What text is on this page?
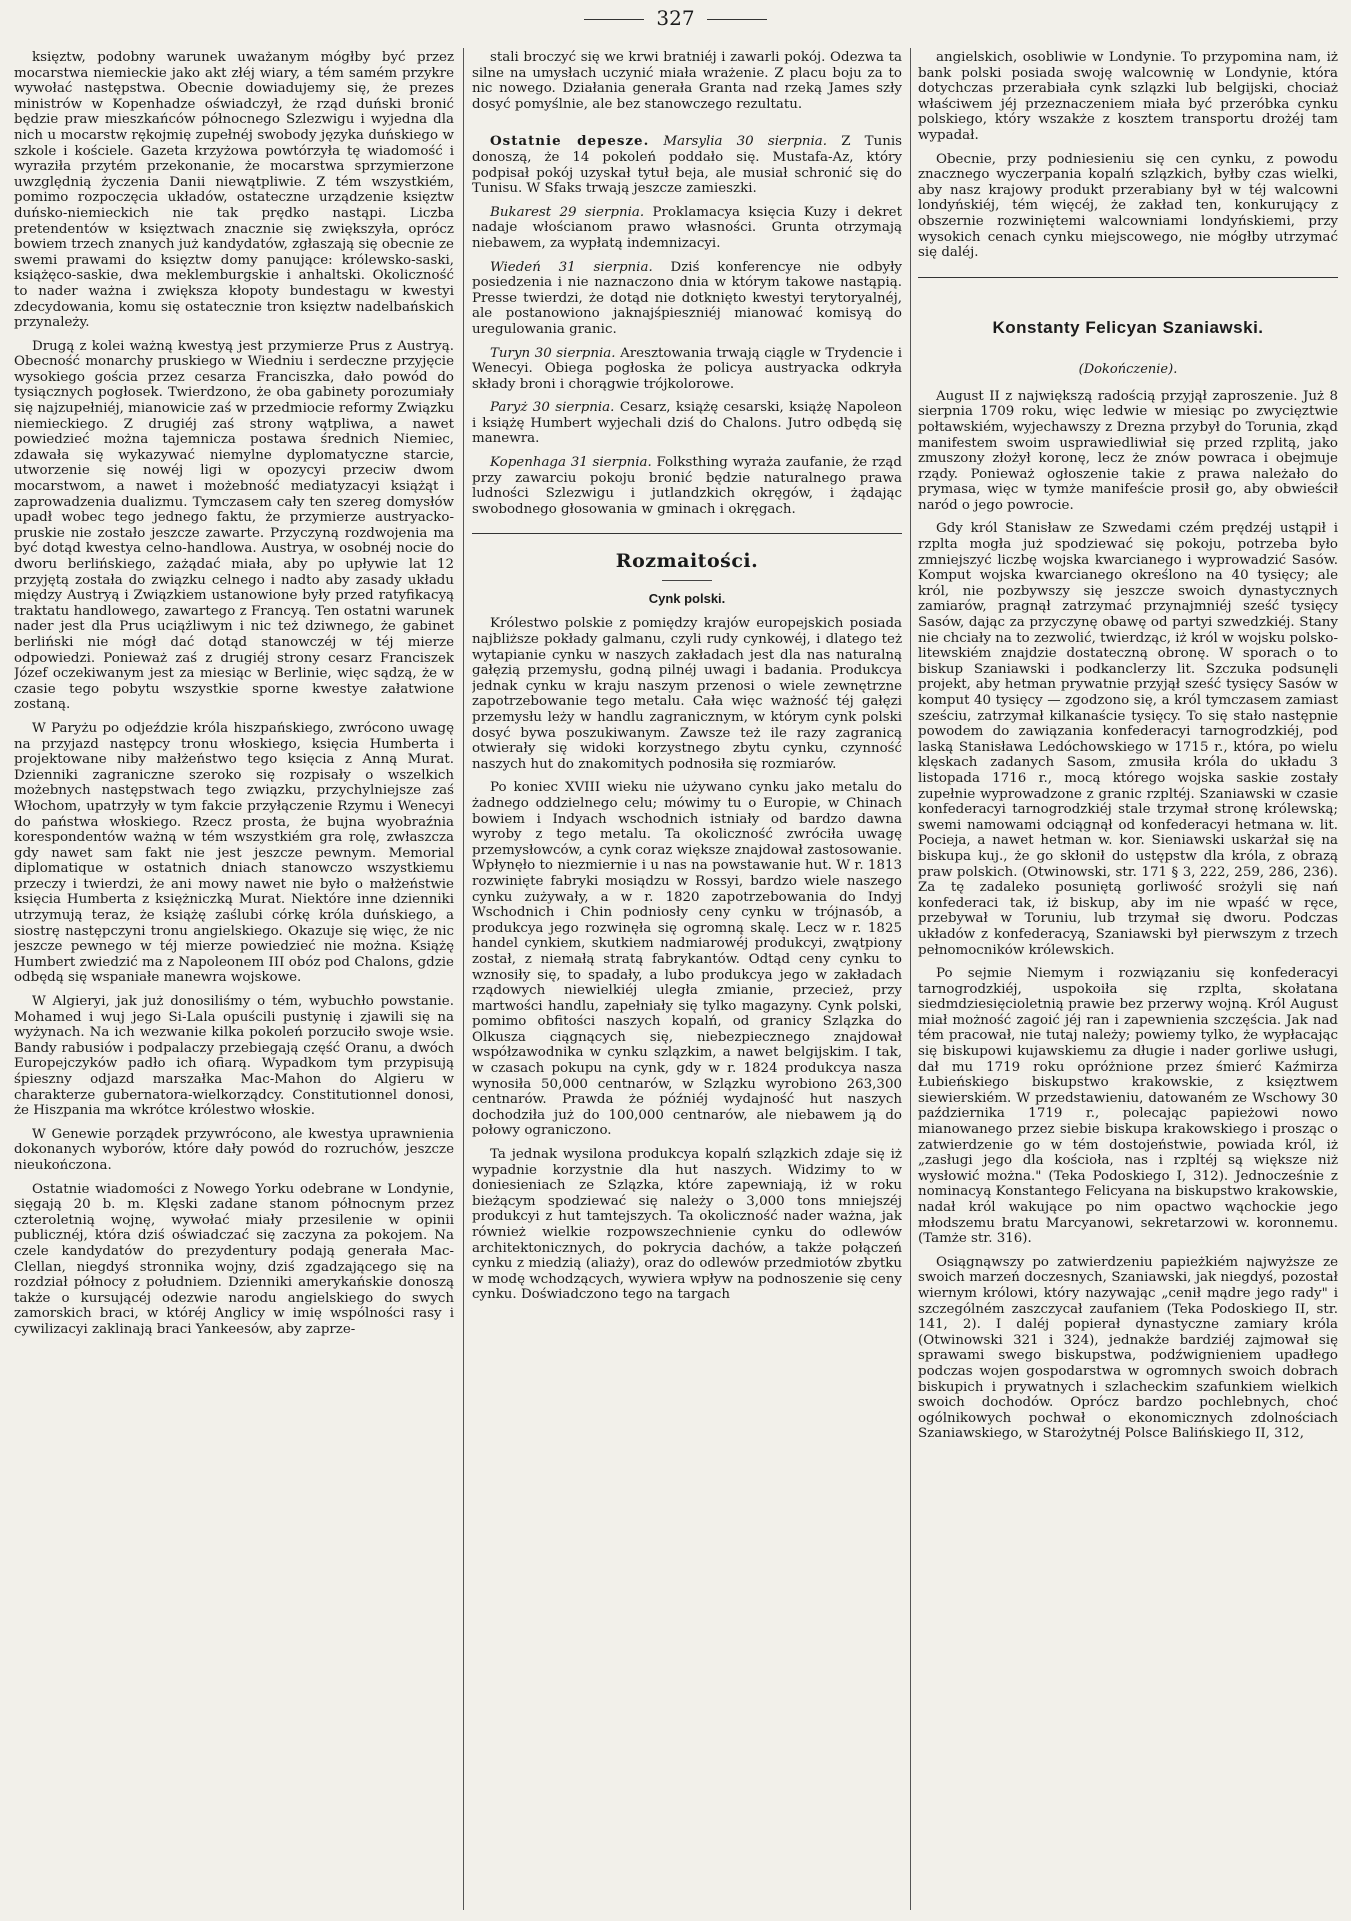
327

księztw, podobny warunek uważanym mógłby być przez mocarstwa niemieckie jako akt złéj wiary, a tém samém przykre wywołać następstwa. Obecnie dowiadujemy się, że prezes ministrów w Kopenhadze oświadczył, że rząd duński bronić będzie praw mieszkańców północnego Szlezwigu i wyjedna dla nich u mocarstw rękojmię zupełnéj swobody języka duńskiego w szkole i kościele. Gazeta krzyżowa powtórzyła tę wiadomość i wyraziła przytém przekonanie, że mocarstwa sprzymierzone uwzględnią życzenia Danii niewątpliwie. Z tém wszystkiém, pomimo rozpoczęcia układów, ostateczne urządzenie księztw duńsko-niemieckich nie tak prędko nastąpi. Liczba pretendentów w księztwach znacznie się zwiększyła, oprócz bowiem trzech znanych już kandydatów, zgłaszają się obecnie ze swemi prawami do księztw domy panujące: królewsko-saski, książęco-saskie, dwa meklemburgskie i anhaltski. Okoliczność to nader ważna i zwiększa kłopoty bundestagu w kwestyi zdecydowania, komu się ostatecznie tron księztw nadelbańskich przynależy.

Drugą z kolei ważną kwestyą jest przymierze Prus z Austryą. Obecność monarchy pruskiego w Wiedniu i serdeczne przyjęcie wysokiego gościa przez cesarza Franciszka, dało powód do tysiącznych pogłosek. Twierdzono, że oba gabinety porozumiały się najzupełniéj, mianowicie zaś w przedmiocie reformy Związku niemieckiego. Z drugiéj zaś strony wątpliwa, a nawet powiedzieć można tajemnicza postawa średnich Niemiec, zdawała się wykazywać niemylne dyplomatyczne starcie, utworzenie się nowéj ligi w opozycyi przeciw dwom mocarstwom, a nawet i możebność mediatyzacyi książąt i zaprowadzenia dualizmu. Tymczasem cały ten szereg domysłów upadł wobec tego jednego faktu, że przymierze austryacko-pruskie nie zostało jeszcze zawarte. Przyczyną rozdwojenia ma być dotąd kwestya celno-handlowa. Austrya, w osobnéj nocie do dworu berlińskiego, zażądać miała, aby po upływie lat 12 przyjętą została do związku celnego i nadto aby zasady układu między Austryą i Związkiem ustanowione były przed ratyfikacyą traktatu handlowego, zawartego z Francyą. Ten ostatni warunek nader jest dla Prus uciążliwym i nic też dziwnego, że gabinet berliński nie mógł dać dotąd stanowczéj w téj mierze odpowiedzi. Ponieważ zaś z drugiéj strony cesarz Franciszek Józef oczekiwanym jest za miesiąc w Berlinie, więc sądzą, że w czasie tego pobytu wszystkie sporne kwestye załatwione zostaną.

W Paryżu po odjeździe króla hiszpańskiego, zwrócono uwagę na przyjazd następcy tronu włoskiego, księcia Humberta i projektowane niby małżeństwo tego księcia z Anną Murat. Dzienniki zagraniczne szeroko się rozpisały o wszelkich możebnych następstwach tego związku, przychylniejsze zaś Włochom, upatrzyły w tym fakcie przyłączenie Rzymu i Wenecyi do państwa włoskiego. Rzecz prosta, że bujna wyobraźnia korespondentów ważną w tém wszystkiém gra rolę, zwłaszcza gdy nawet sam fakt nie jest jeszcze pewnym. Memorial diplomatique w ostatnich dniach stanowczo wszystkiemu przeczy i twierdzi, że ani mowy nawet nie było o małżeństwie księcia Humberta z księżniczką Murat. Niektóre inne dzienniki utrzymują teraz, że książę zaślubi córkę króla duńskiego, a siostrę następczyni tronu angielskiego. Okazuje się więc, że nic jeszcze pewnego w téj mierze powiedzieć nie można. Książę Humbert zwiedzić ma z Napoleonem III obóz pod Chalons, gdzie odbędą się wspaniałe manewra wojskowe.

W Algieryi, jak już donosiliśmy o tém, wybuchło powstanie. Mohamed i wuj jego Si-Lala opuścili pustynię i zjawili się na wyżynach. Na ich wezwanie kilka pokoleń porzuciło swoje wsie. Bandy rabusiów i podpalaczy przebiegają część Oranu, a dwóch Europejczyków padło ich ofiarą. Wypadkom tym przypisują śpieszny odjazd marszałka Mac-Mahon do Algieru w charakterze gubernatora-wielkorządcy. Constitutionnel donosi, że Hiszpania ma wkrótce królestwo włoskie.

W Genewie porządek przywrócono, ale kwestya uprawnienia dokonanych wyborów, które dały powód do rozruchów, jeszcze nieukończona.

Ostatnie wiadomości z Nowego Yorku odebrane w Londynie, sięgają 20 b. m. Klęski zadane stanom północnym przez czteroletnią wojnę, wywołać miały przesilenie w opinii publicznéj, która dziś oświadczać się zaczyna za pokojem. Na czele kandydatów do prezydentury podają generała Mac-Clellan, niegdyś stronnika wojny, dziś zgadzającego się na rozdział północy z południem. Dzienniki amerykańskie donoszą także o kursującéj odezwie narodu angielskiego do swych zamorskich braci, w któréj Anglicy w imię wspólności rasy i cywilizacyi zaklinają braci Yankeesów, aby zaprze-

stali broczyć się we krwi bratniéj i zawarli pokój. Odezwa ta silne na umysłach uczynić miała wrażenie. Z placu boju za to nic nowego. Działania generała Granta nad rzeką James szły dosyć pomyślnie, ale bez stanowczego rezultatu.

Ostatnie depesze. Marsylia 30 sierpnia. Z Tunis donoszą, że 14 pokoleń poddało się. Mustafa-Az, który podpisał pokój uzyskał tytuł beja, ale musiał schronić się do Tunisu. W Sfaks trwają jeszcze zamieszki.

Bukarest 29 sierpnia. Proklamacya księcia Kuzy i dekret nadaje włościanom prawo własności. Grunta otrzymają niebawem, za wypłatą indemnizacyi.

Wiedeń 31 sierpnia. Dziś konferencye nie odbyły posiedzenia i nie naznaczono dnia w którym takowe nastąpią. Presse twierdzi, że dotąd nie dotknięto kwestyi terytoryalnéj, ale postanowiono jaknajśpieszniéj mianować komisyą do uregulowania granic.

Turyn 30 sierpnia. Aresztowania trwają ciągle w Trydencie i Wenecyi. Obiega pogłoska że policya austryacka odkryła składy broni i chorągwie trójkolorowe.

Paryż 30 sierpnia. Cesarz, książę cesarski, książę Napoleon i książę Humbert wyjechali dziś do Chalons. Jutro odbędą się manewra.

Kopenhaga 31 sierpnia. Folksthing wyraża zaufanie, że rząd przy zawarciu pokoju bronić będzie naturalnego prawa ludności Szlezwigu i jutlandzkich okręgów, i żądając swobodnego głosowania w gminach i okręgach.

Rozmaitości.
Cynk polski.

Królestwo polskie z pomiędzy krajów europejskich posiada najbliższe pokłady galmanu, czyli rudy cynkowéj, i dlatego też wytapianie cynku w naszych zakładach jest dla nas naturalną gałęzią przemysłu, godną pilnéj uwagi i badania. Produkcya jednak cynku w kraju naszym przenosi o wiele zewnętrzne zapotrzebowanie tego metalu. Cała więc ważność téj gałęzi przemysłu leży w handlu zagranicznym, w którym cynk polski dosyć bywa poszukiwanym. Zawsze też ile razy zagranicą otwierały się widoki korzystnego zbytu cynku, czynność naszych hut do znakomitych podnosiła się rozmiarów.

Po koniec XVIII wieku nie używano cynku jako metalu do żadnego oddzielnego celu; mówimy tu o Europie, w Chinach bowiem i Indyach wschodnich istniały od bardzo dawna wyroby z tego metalu. Ta okoliczność zwróciła uwagę przemysłowców, a cynk coraz większe znajdował zastosowanie. Wpłynęło to niezmiernie i u nas na powstawanie hut. W r. 1813 rozwinięte fabryki mosiądzu w Rossyi, bardzo wiele naszego cynku zużywały, a w r. 1820 zapotrzebowania do Indyj Wschodnich i Chin podniosły ceny cynku w trójnasób, a produkcya jego rozwinęła się ogromną skalę. Lecz w r. 1825 handel cynkiem, skutkiem nadmiarowéj produkcyi, zwątpiony został, z niemałą stratą fabrykantów. Odtąd ceny cynku to wznosiły się, to spadały, a lubo produkcya jego w zakładach rządowych niewielkiéj uległa zmianie, przecież, przy martwości handlu, zapełniały się tylko magazyny. Cynk polski, pomimo obfitości naszych kopalń, od granicy Szlązka do Olkusza ciągnących się, niebezpiecznego znajdował współzawodnika w cynku szlązkim, a nawet belgijskim. I tak, w czasach pokupu na cynk, gdy w r. 1824 produkcya nasza wynosiła 50,000 centnarów, w Szlązku wyrobiono 263,300 centnarów. Prawda że późniéj wydajność hut naszych dochodziła już do 100,000 centnarów, ale niebawem ją do połowy ograniczono.

Ta jednak wysilona produkcya kopalń szlązkich zdaje się iż wypadnie korzystnie dla hut naszych. Widzimy to w doniesieniach ze Szlązka, które zapewniają, iż w roku bieżącym spodziewać się należy o 3,000 tons mniejszéj produkcyi z hut tamtejszych. Ta okoliczność nader ważna, jak również wielkie rozpowszechnienie cynku do odlewów architektonicznych, do pokrycia dachów, a także połączeń cynku z miedzią (aliaży), oraz do odlewów przedmiotów zbytku w modę wchodzących, wywiera wpływ na podnoszenie się ceny cynku. Doświadczono tego na targach

angielskich, osobliwie w Londynie. To przypomina nam, iż bank polski posiada swoję walcownię w Londynie, która dotychczas przerabiała cynk szlązki lub belgijski, chociaż właściwem jéj przeznaczeniem miała być przeróbka cynku polskiego, który wszakże z kosztem transportu drożéj tam wypadał.

Obecnie, przy podniesieniu się cen cynku, z powodu znacznego wyczerpania kopalń szlązkich, byłby czas wielki, aby nasz krajowy produkt przerabiany był w téj walcowni londyńskiéj, tém więcéj, że zakład ten, konkurujący z obszernie rozwiniętemi walcowniami londyńskiemi, przy wysokich cenach cynku miejscowego, nie mógłby utrzymać się daléj.

Konstanty Felicyan Szaniawski.
(Dokończenie).

August II z największą radością przyjął zaproszenie. Już 8 sierpnia 1709 roku, więc ledwie w miesiąc po zwycięztwie połtawskiém, wyjechawszy z Drezna przybył do Torunia, zkąd manifestem swoim usprawiedliwiał się przed rzplitą, jako zmuszony złożył koronę, lecz że znów powraca i obejmuje rządy. Ponieważ ogłoszenie takie z prawa należało do prymasa, więc w tymże manifeście prosił go, aby obwieścił naród o jego powrocie.

Gdy król Stanisław ze Szwedami czém prędzéj ustąpił i rzplta mogła już spodziewać się pokoju, potrzeba było zmniejszyć liczbę wojska kwarcianego i wyprowadzić Sasów. Komput wojska kwarcianego określono na 40 tysięcy; ale król, nie pozbywszy się jeszcze swoich dynastycznych zamiarów, pragnął zatrzymać przynajmniéj sześć tysięcy Sasów, dając za przyczynę obawę od partyi szwedzkiéj. Stany nie chciały na to zezwolić, twierdząc, iż król w wojsku polsko-litewskiém znajdzie dostateczną obronę. W sporach o to biskup Szaniawski i podkanclerzy lit. Szczuka podsunęli projekt, aby hetman prywatnie przyjął sześć tysięcy Sasów w komput 40 tysięcy — zgodzono się, a król tymczasem zamiast sześciu, zatrzymał kilkanaście tysięcy. To się stało następnie powodem do zawiązania konfederacyi tarnogrodzkiéj, pod laską Stanisława Ledóchowskiego w 1715 r., która, po wielu klęskach zadanych Sasom, zmusiła króla do układu 3 listopada 1716 r., mocą którego wojska saskie zostały zupełnie wyprowadzone z granic rzpltéj. Szaniawski w czasie konfederacyi tarnogrodzkiéj stale trzymał stronę królewską; swemi namowami odciągnął od konfederacyi hetmana w. lit. Pocieja, a nawet hetman w. kor. Sieniawski uskarżał się na biskupa kuj., że go skłonił do ustępstw dla króla, z obrazą praw polskich. (Otwinowski, str. 171 § 3, 222, 259, 286, 236). Za tę zadaleko posuniętą gorliwość srożyli się nań konfederaci tak, iż biskup, aby im nie wpaść w ręce, przebywał w Toruniu, lub trzymał się dworu. Podczas układów z konfederacyą, Szaniawski był pierwszym z trzech pełnomocników królewskich.

Po sejmie Niemym i rozwiązaniu się konfederacyi tarnogrodzkiéj, uspokoiła się rzplta, skołatana siedmdziesięcioletnią prawie bez przerwy wojną. Król August miał możność zagoić jéj ran i zapewnienia szczęścia. Jak nad tém pracował, nie tutaj należy; powiemy tylko, że wypłacając się biskupowi kujawskiemu za długie i nader gorliwe usługi, dał mu 1719 roku opróżnione przez śmierć Kaźmirza Łubieńskiego biskupstwo krakowskie, z księztwem siewierskiém. W przedstawieniu, datowaném ze Wschowy 30 października 1719 r., polecając papieżowi nowo mianowanego przez siebie biskupa krakowskiego i prosząc o zatwierdzenie go w tém dostojeństwie, powiada król, iż „zasługi jego dla kościoła, nas i rzpltéj są większe niż wysłowić można." (Teka Podoskiego I, 312). Jednocześnie z nominacyą Konstantego Felicyana na biskupstwo krakowskie, nadał król wakujące po nim opactwo wąchockie jego młodszemu bratu Marcyanowi, sekretarzowi w. koronnemu. (Tamże str. 316).

Osiągnąwszy po zatwierdzeniu papieżkiém najwyższe ze swoich marzeń doczesnych, Szaniawski, jak niegdyś, pozostał wiernym królowi, który nazywając „cenił mądre jego rady" i szczególném zaszczycał zaufaniem (Teka Podoskiego II, str. 141, 2). I daléj popierał dynastyczne zamiary króla (Otwinowski 321 i 324), jednakże bardziéj zajmował się sprawami swego biskupstwa, podźwignieniem upadłego podczas wojen gospodarstwa w ogromnych swoich dobrach biskupich i prywatnych i szlacheckim szafunkiem wielkich swoich dochodów. Oprócz bardzo pochlebnych, choć ogólnikowych pochwał o ekonomicznych zdolnościach Szaniawskiego, w Starożytnéj Polsce Balińskiego II, 312,
